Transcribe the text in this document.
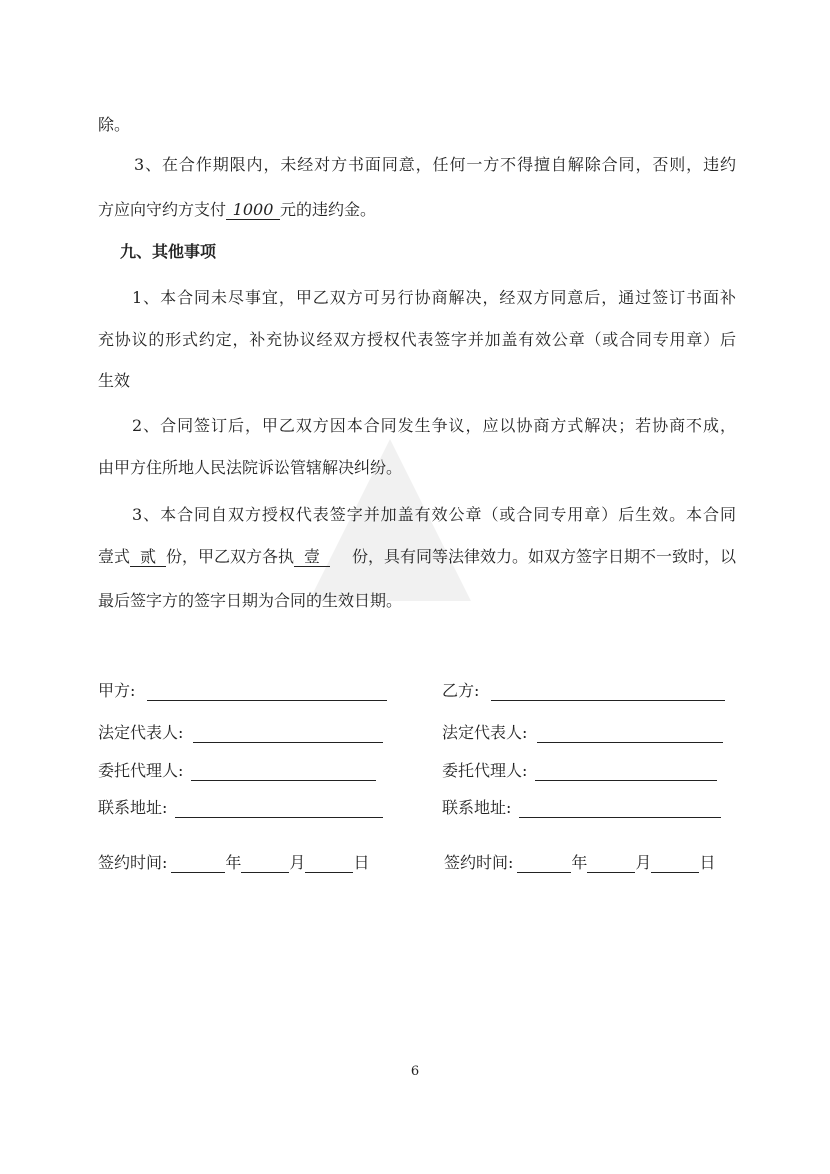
除。
3、在合作期限内，未经对方书面同意，任何一方不得擅自解除合同，否则，违约
方应向守约方支付 1000 元的违约金。
九、其他事项
1、本合同未尽事宜，甲乙双方可另行协商解决，经双方同意后，通过签订书面补
充协议的形式约定，补充协议经双方授权代表签字并加盖有效公章（或合同专用章）后
生效
2、合同签订后，甲乙双方因本合同发生争议，应以协商方式解决；若协商不成，
由甲方住所地人民法院诉讼管辖解决纠纷。
3、本合同自双方授权代表签字并加盖有效公章（或合同专用章）后生效。本合同
壹式 贰 份，甲乙双方各执 壹	份，具有同等法律效力。如双方签字日期不一致时，以
最后签字方的签字日期为合同的生效日期。
甲方:
法定代表人:
委托代理人:
联系地址:
签约时间:	年	月	日
乙方:
法定代表人:
委托代理人:
联系地址:
签约时间:	年	月	日
6
